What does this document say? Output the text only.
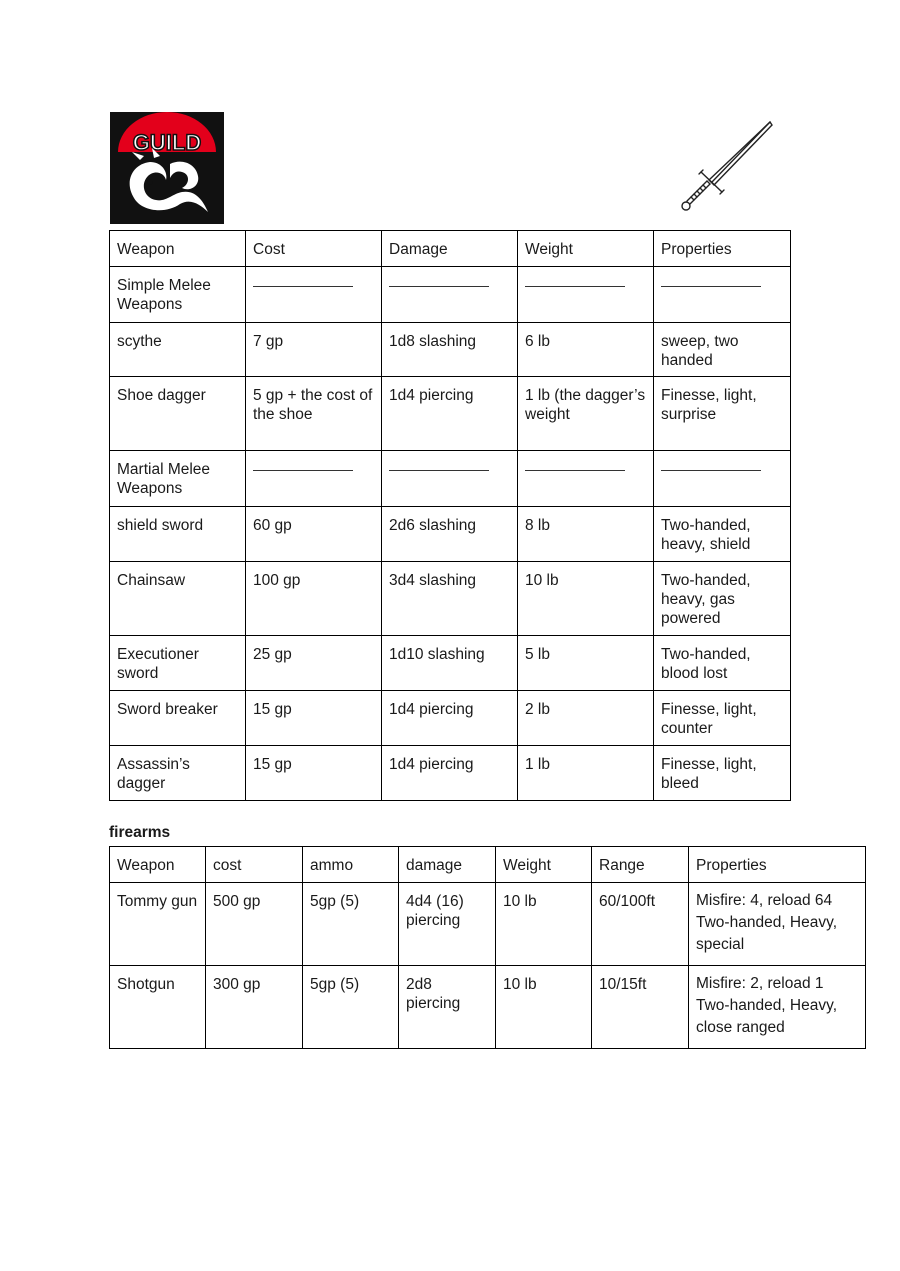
GUILD
Weapon	Cost	Damage	Weight	Properties
Simple Melee Weapons	

scythe	7 gp	1d8 slashing	6 lb	sweep, two handed
Shoe dagger	5 gp + the cost of the shoe	1d4 piercing	1 lb (the dagger’s weight	Finesse, light, surprise
Martial Melee Weapons	

shield sword	60 gp	2d6 slashing	8 lb	Two-handed, heavy, shield
Chainsaw	100 gp	3d4 slashing	10 lb	Two-handed, heavy, gas powered
Executioner sword	25 gp	1d10 slashing	5 lb	Two-handed, blood lost
Sword breaker	15 gp	1d4 piercing	2 lb	Finesse, light, counter
Assassin’s dagger	15 gp	1d4 piercing	1 lb	Finesse, light, bleed

firearms

Weapon	cost	ammo	damage	Weight	Range	Properties
Tommy gun	500 gp	5gp (5)	4d4 (16) piercing	10 lb	60/100ft	Misfire: 4, reload 64 Two-handed, Heavy, special

Shotgun	300 gp	5gp (5)	2d8 piercing	10 lb	10/15ft	Misfire: 2, reload 1 Two-handed, Heavy, close ranged
